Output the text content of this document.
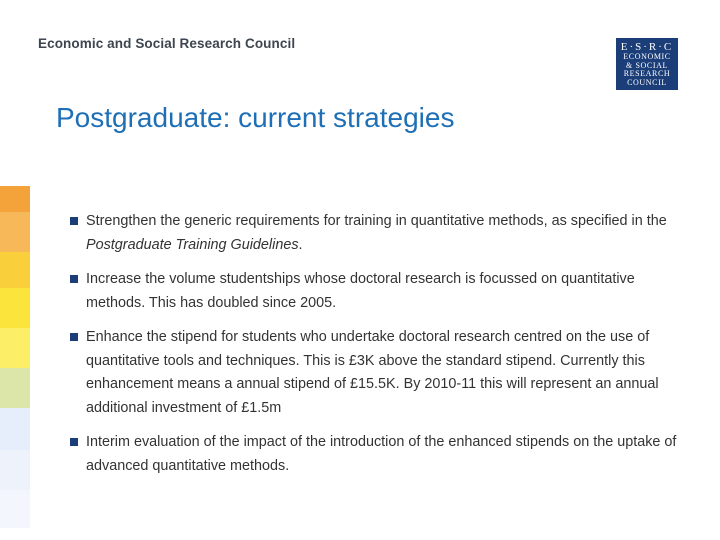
Economic and Social Research Council	E·S·R·C
ECONOMIC
& SOCIAL
RESEARCH
COUNCIL
Postgraduate: current strategies
Strengthen the generic requirements for training in quantitative methods, as specified in the Postgraduate Training Guidelines.
Increase the volume studentships whose doctoral research is focussed on quantitative methods. This has doubled since 2005.
Enhance the stipend for students who undertake doctoral research centred on the use of quantitative tools and techniques. This is £3K above the standard stipend. Currently this enhancement means a annual stipend of £15.5K. By 2010-11 this will represent an annual additional investment of £1.5m
Interim evaluation of the impact of the introduction of the enhanced stipends on the uptake of advanced quantitative methods.
